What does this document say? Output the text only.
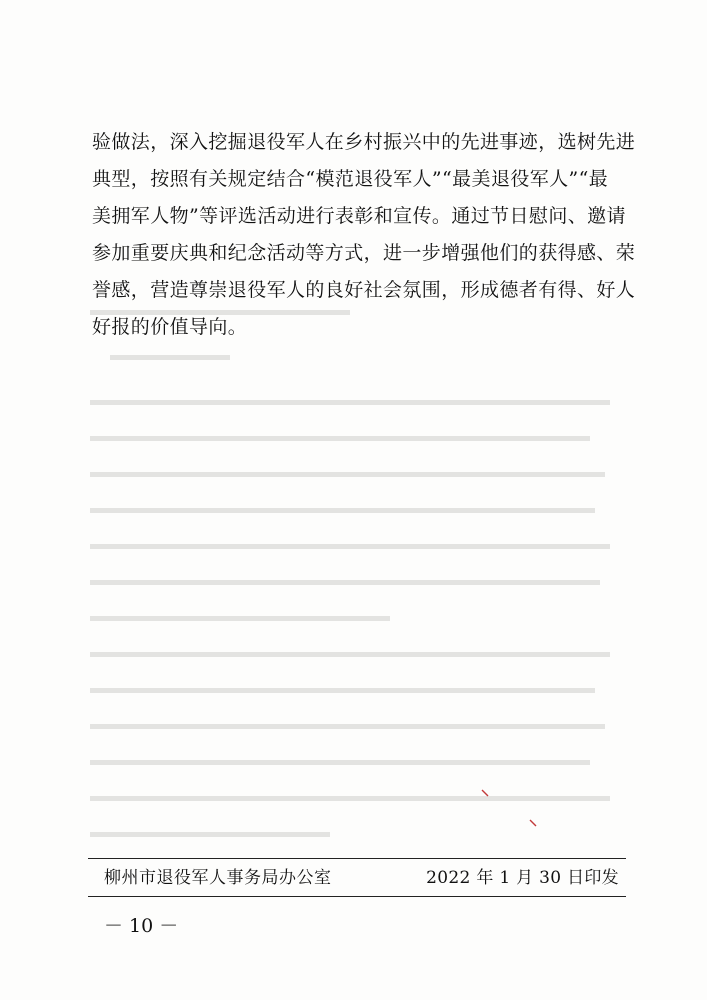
验做法，深入挖掘退役军人在乡村振兴中的先进事迹，选树先进
典型，按照有关规定结合“模范退役军人”“最美退役军人”“最
美拥军人物”等评选活动进行表彰和宣传。通过节日慰问、邀请
参加重要庆典和纪念活动等方式，进一步增强他们的获得感、荣
誉感，营造尊崇退役军人的良好社会氛围，形成德者有得、好人
好报的价值导向。
柳州市退役军人事务局办公室	2022 年 1 月 30 日印发
－ 10 －
